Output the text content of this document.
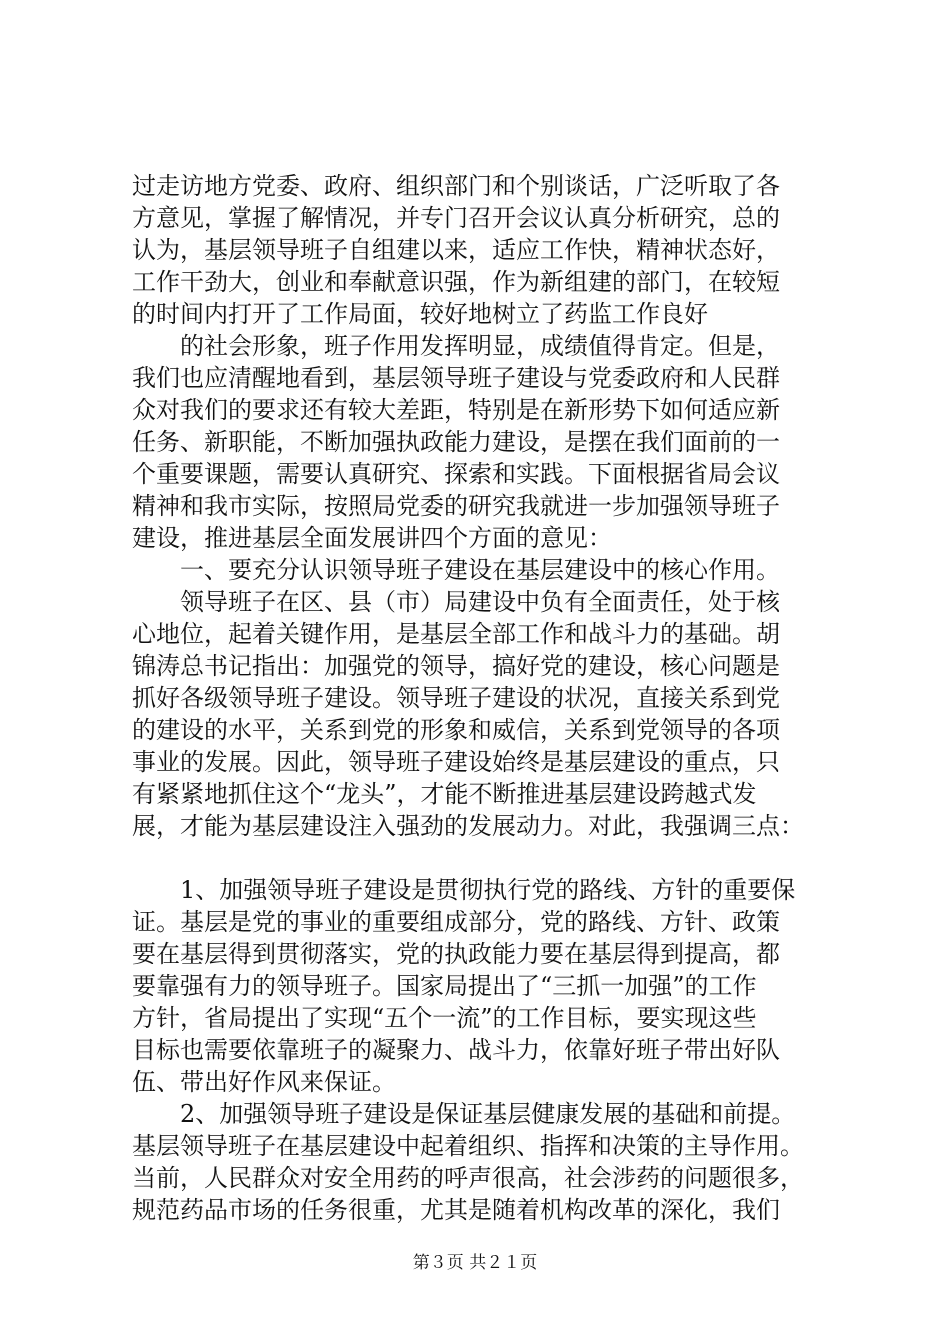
过走访地方党委、政府、组织部门和个别谈话，广泛听取了各
方意见，掌握了解情况，并专门召开会议认真分析研究，总的
认为，基层领导班子自组建以来，适应工作快，精神状态好，
工作干劲大，创业和奉献意识强，作为新组建的部门，在较短
的时间内打开了工作局面，较好地树立了药监工作良好
　　的社会形象，班子作用发挥明显，成绩值得肯定。但是，
我们也应清醒地看到，基层领导班子建设与党委政府和人民群
众对我们的要求还有较大差距，特别是在新形势下如何适应新
任务、新职能，不断加强执政能力建设，是摆在我们面前的一
个重要课题，需要认真研究、探索和实践。下面根据省局会议
精神和我市实际，按照局党委的研究我就进一步加强领导班子
建设，推进基层全面发展讲四个方面的意见：
　　一、要充分认识领导班子建设在基层建设中的核心作用。
　　领导班子在区、县（市）局建设中负有全面责任，处于核
心地位，起着关键作用，是基层全部工作和战斗力的基础。胡
锦涛总书记指出：加强党的领导，搞好党的建设，核心问题是
抓好各级领导班子建设。领导班子建设的状况，直接关系到党
的建设的水平，关系到党的形象和威信，关系到党领导的各项
事业的发展。因此，领导班子建设始终是基层建设的重点，只
有紧紧地抓住这个“龙头”，才能不断推进基层建设跨越式发
展，才能为基层建设注入强劲的发展动力。对此，我强调三点：
　　1、加强领导班子建设是贯彻执行党的路线、方针的重要保
证。基层是党的事业的重要组成部分，党的路线、方针、政策
要在基层得到贯彻落实，党的执政能力要在基层得到提高，都
要靠强有力的领导班子。国家局提出了“三抓一加强”的工作
方针，省局提出了实现“五个一流”的工作目标，要实现这些
目标也需要依靠班子的凝聚力、战斗力，依靠好班子带出好队
伍、带出好作风来保证。
　　2、加强领导班子建设是保证基层健康发展的基础和前提。
基层领导班子在基层建设中起着组织、指挥和决策的主导作用。
当前，人民群众对安全用药的呼声很高，社会涉药的问题很多，
规范药品市场的任务很重，尤其是随着机构改革的深化，我们
第３页 共２１页
